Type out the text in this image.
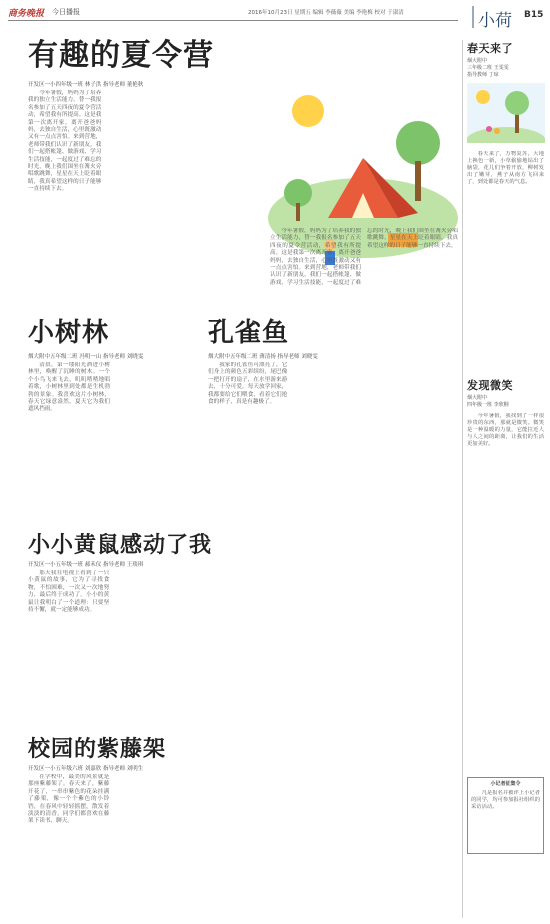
商务晚报 今日播报	2016年10月23日 星期五 编辑 李薇薇 美编 李艳梅 校对 于淑清	小荷	B15
有趣的夏令营
开发区一小四年级一班 林子洪 指导老师 董艳秋

今年暑假，妈妈为了培养我的独立生活能力，替一我报名参加了五天四夜的夏令营活动，希望我有所提高。这是我第一次离开家，离开爸爸妈妈，去独自生活，心里既激动又有一点点害怕。来到营地，老师带我们认识了新朋友，我们一起搭帐篷、做游戏、学习生活技能，一起度过了难忘的时光，晚上我们围坐在篝火旁唱歌跳舞，星星在天上眨着眼睛，我真希望这样的日子能够一直持续下去。

今年暑假，妈妈为了培养我的独立生活能力，替一我报名参加了五天四夜的夏令营活动，希望我有所提高。这是我第一次离开家，离开爸爸妈妈，去独自生活，心里既激动又有一点点害怕。来到营地，老师带我们认识了新朋友，我们一起搭帐篷、做游戏、学习生活技能，一起度过了难忘的时光，晚上我们围坐在篝火旁唱歌跳舞，星星在天上眨着眼睛，我真希望这样的日子能够一直持续下去。

小树林
烟大附中五年级二班 冯明一山 指导老师 刘晓雯

清晨，第一缕阳光洒进小树林里，唤醒了沉睡的树木。一个个小鸟飞来飞去，叽叽喳喳地唱着歌，小树林里到处都是生机勃勃的景象。我喜欢这片小树林，春天它绿意盎然，夏天它为我们遮风挡雨。

孔雀鱼
烟大附中五年级二班 薄清扬 指导老师 刘晓雯

我家的孔雀鱼可漂亮了，它们身上的颜色五彩缤纷，尾巴像一把打开的扇子，在水里游来游去，十分可爱。每天放学回家，我都要给它们喂食，看着它们抢食的样子，真是有趣极了。

小小黄鼠感动了我
开发区一小五年级一班 郝禾仪 指导老师 王琰琪

那天我在电视上看到了一只小黄鼠的故事，它为了寻找食物，不怕困难，一次又一次地努力，最后终于成功了。小小的黄鼠让我明白了一个道理：只要坚持不懈，就一定能够成功。

校园的紫藤架
开发区一小五年级六班 刘嘉欣 指导老师 刘明生

在学校中，最美的风景就是那座紫藤架了。春天来了，紫藤开花了，一串串紫色的花朵挂满了藤架，像一个个紫色的小铃铛，在春风中轻轻摇摆，散发着淡淡的清香，同学们都喜欢在藤架下读书、聊天。

春天来了
烟大附中
三年级二班 王雯雯
指导教师 丁琼

春天来了，万物复苏，大地上换色一新，小草偷偷地钻出了脑袋，花儿们争着开放，柳树发出了嫩芽，燕子从南方飞回来了，到处都是春天的气息。

发现微笑
烟大附中
四年级一班 李欣桐

今年暑假，我找到了一样很珍贵的东西，那就是微笑。微笑是一种温暖的力量，它能拉近人与人之间的距离，让我们的生活更加美好。

小记者征集令

凡是报名并被评上小记者的同学，均可参加报社组织的采访活动。
